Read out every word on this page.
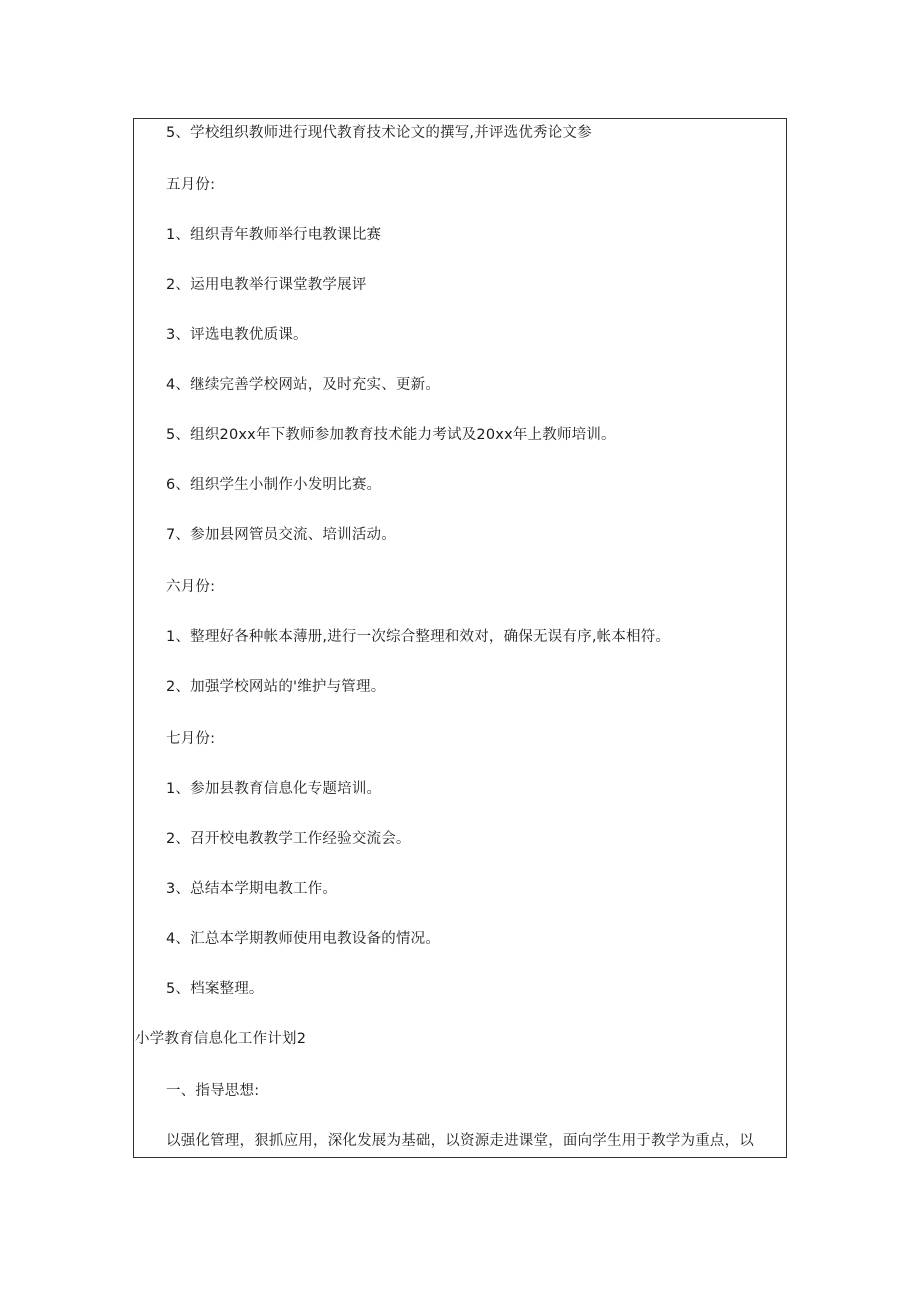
5、学校组织教师进行现代教育技术论文的撰写,并评选优秀论文参
五月份:
1、组织青年教师举行电教课比赛
2、运用电教举行课堂教学展评
3、评选电教优质课。
4、继续完善学校网站，及时充实、更新。
5、组织20xx年下教师参加教育技术能力考试及20xx年上教师培训。
6、组织学生小制作小发明比赛。
7、参加县网管员交流、培训活动。
六月份:
1、整理好各种帐本薄册,进行一次综合整理和效对，确保无误有序,帐本相符。
2、加强学校网站的'维护与管理。
七月份:
1、参加县教育信息化专题培训。
2、召开校电教教学工作经验交流会。
3、总结本学期电教工作。
4、汇总本学期教师使用电教设备的情况。
5、档案整理。
小学教育信息化工作计划2
一、指导思想:
以强化管理，狠抓应用，深化发展为基础，以资源走进课堂，面向学生用于教学为重点，以
